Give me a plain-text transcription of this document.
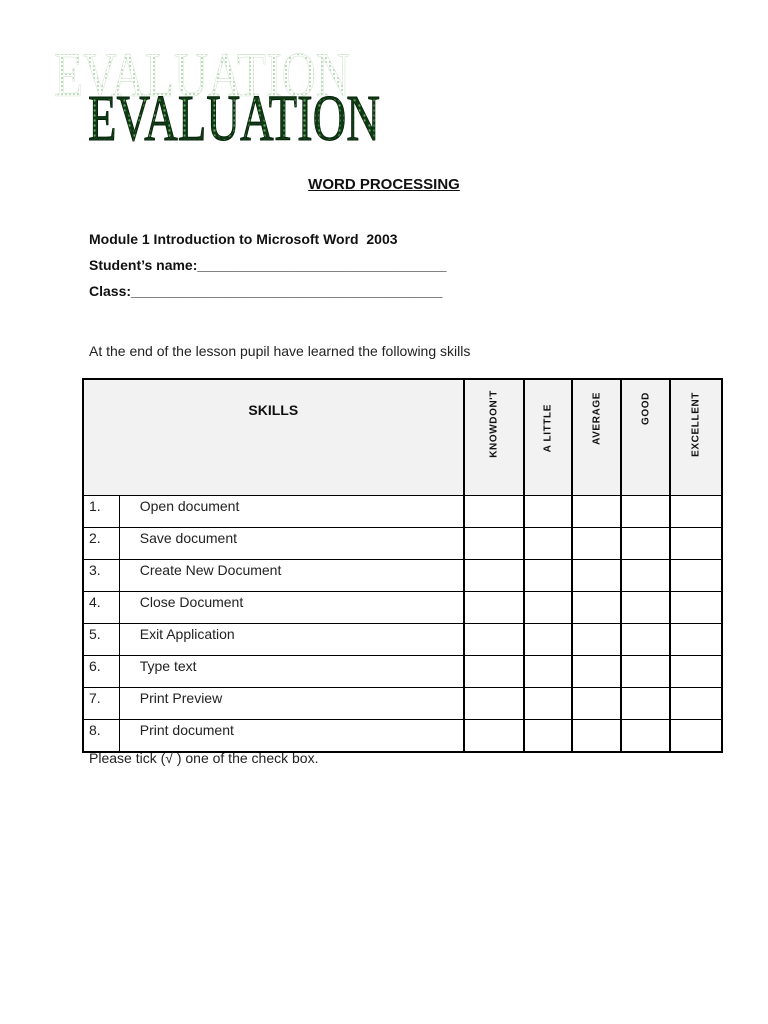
EVALUATION
EVALUATION
WORD PROCESSING
Module 1 Introduction to Microsoft Word  2003
Student’s name:________________________________
Class:________________________________________
At the end of the lesson pupil have learned the following skills
SKILLS		KNOWDON'T	A LITTLE	AVERAGE	GOOD	EXCELLENT

1.	Open document					
2.	Save document					
3.	Create New Document					
4.	Close Document					
5.	Exit Application					
6.	Type text					
7.	Print Preview					
8.	Print document					
Please tick (√ ) one of the check box.
